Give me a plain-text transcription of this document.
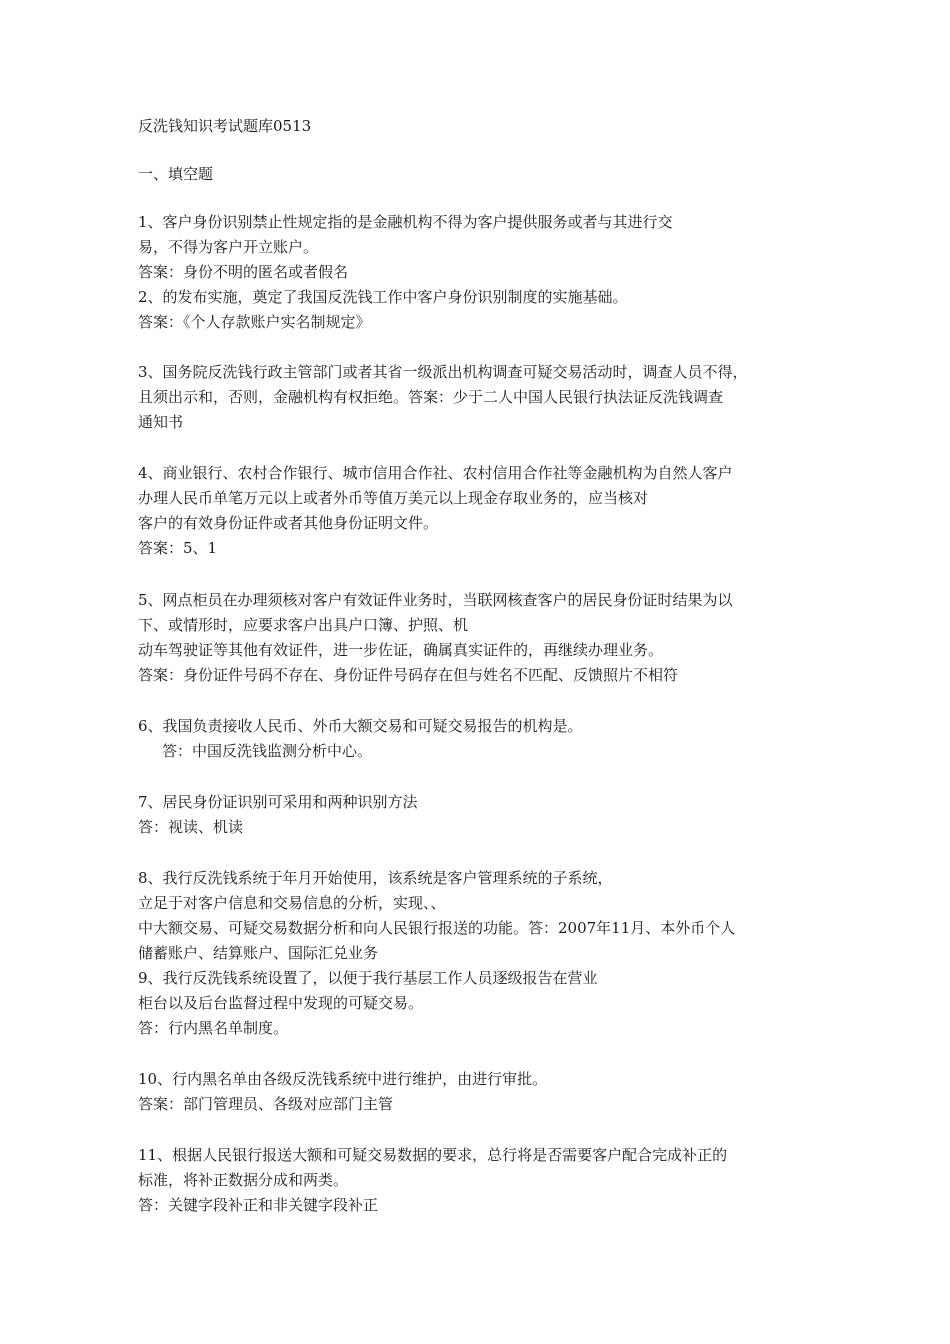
反洗钱知识考试题库0513
一、填空题
1、客户身份识别禁止性规定指的是金融机构不得为客户提供服务或者与其进行交
易，不得为客户开立账户。
答案：身份不明的匿名或者假名
2、的发布实施，奠定了我国反洗钱工作中客户身份识别制度的实施基础。
答案：《个人存款账户实名制规定》
3、国务院反洗钱行政主管部门或者其省一级派出机构调查可疑交易活动时，调查人员不得，
且须出示和，否则，金融机构有权拒绝。答案：少于二人中国人民银行执法证反洗钱调查
通知书
4、商业银行、农村合作银行、城市信用合作社、农村信用合作社等金融机构为自然人客户
办理人民币单笔万元以上或者外币等值万美元以上现金存取业务的，应当核对
客户的有效身份证件或者其他身份证明文件。
答案：5、1
5、网点柜员在办理须核对客户有效证件业务时，当联网核查客户的居民身份证时结果为以
下、或情形时，应要求客户出具户口簿、护照、机
动车驾驶证等其他有效证件，进一步佐证，确属真实证件的，再继续办理业务。
答案：身份证件号码不存在、身份证件号码存在但与姓名不匹配、反馈照片不相符
6、我国负责接收人民币、外币大额交易和可疑交易报告的机构是。
答：中国反洗钱监测分析中心。
7、居民身份证识别可采用和两种识别方法
答：视读、机读
8、我行反洗钱系统于年月开始使用，该系统是客户管理系统的子系统，
立足于对客户信息和交易信息的分析，实现、、
中大额交易、可疑交易数据分析和向人民银行报送的功能。答：2007年11月、本外币个人
储蓄账户、结算账户、国际汇兑业务
9、我行反洗钱系统设置了，以便于我行基层工作人员逐级报告在营业
柜台以及后台监督过程中发现的可疑交易。
答：行内黑名单制度。
10、行内黑名单由各级反洗钱系统中进行维护，由进行审批。
答案：部门管理员、各级对应部门主管
11、根据人民银行报送大额和可疑交易数据的要求，总行将是否需要客户配合完成补正的
标准，将补正数据分成和两类。
答：关键字段补正和非关键字段补正
